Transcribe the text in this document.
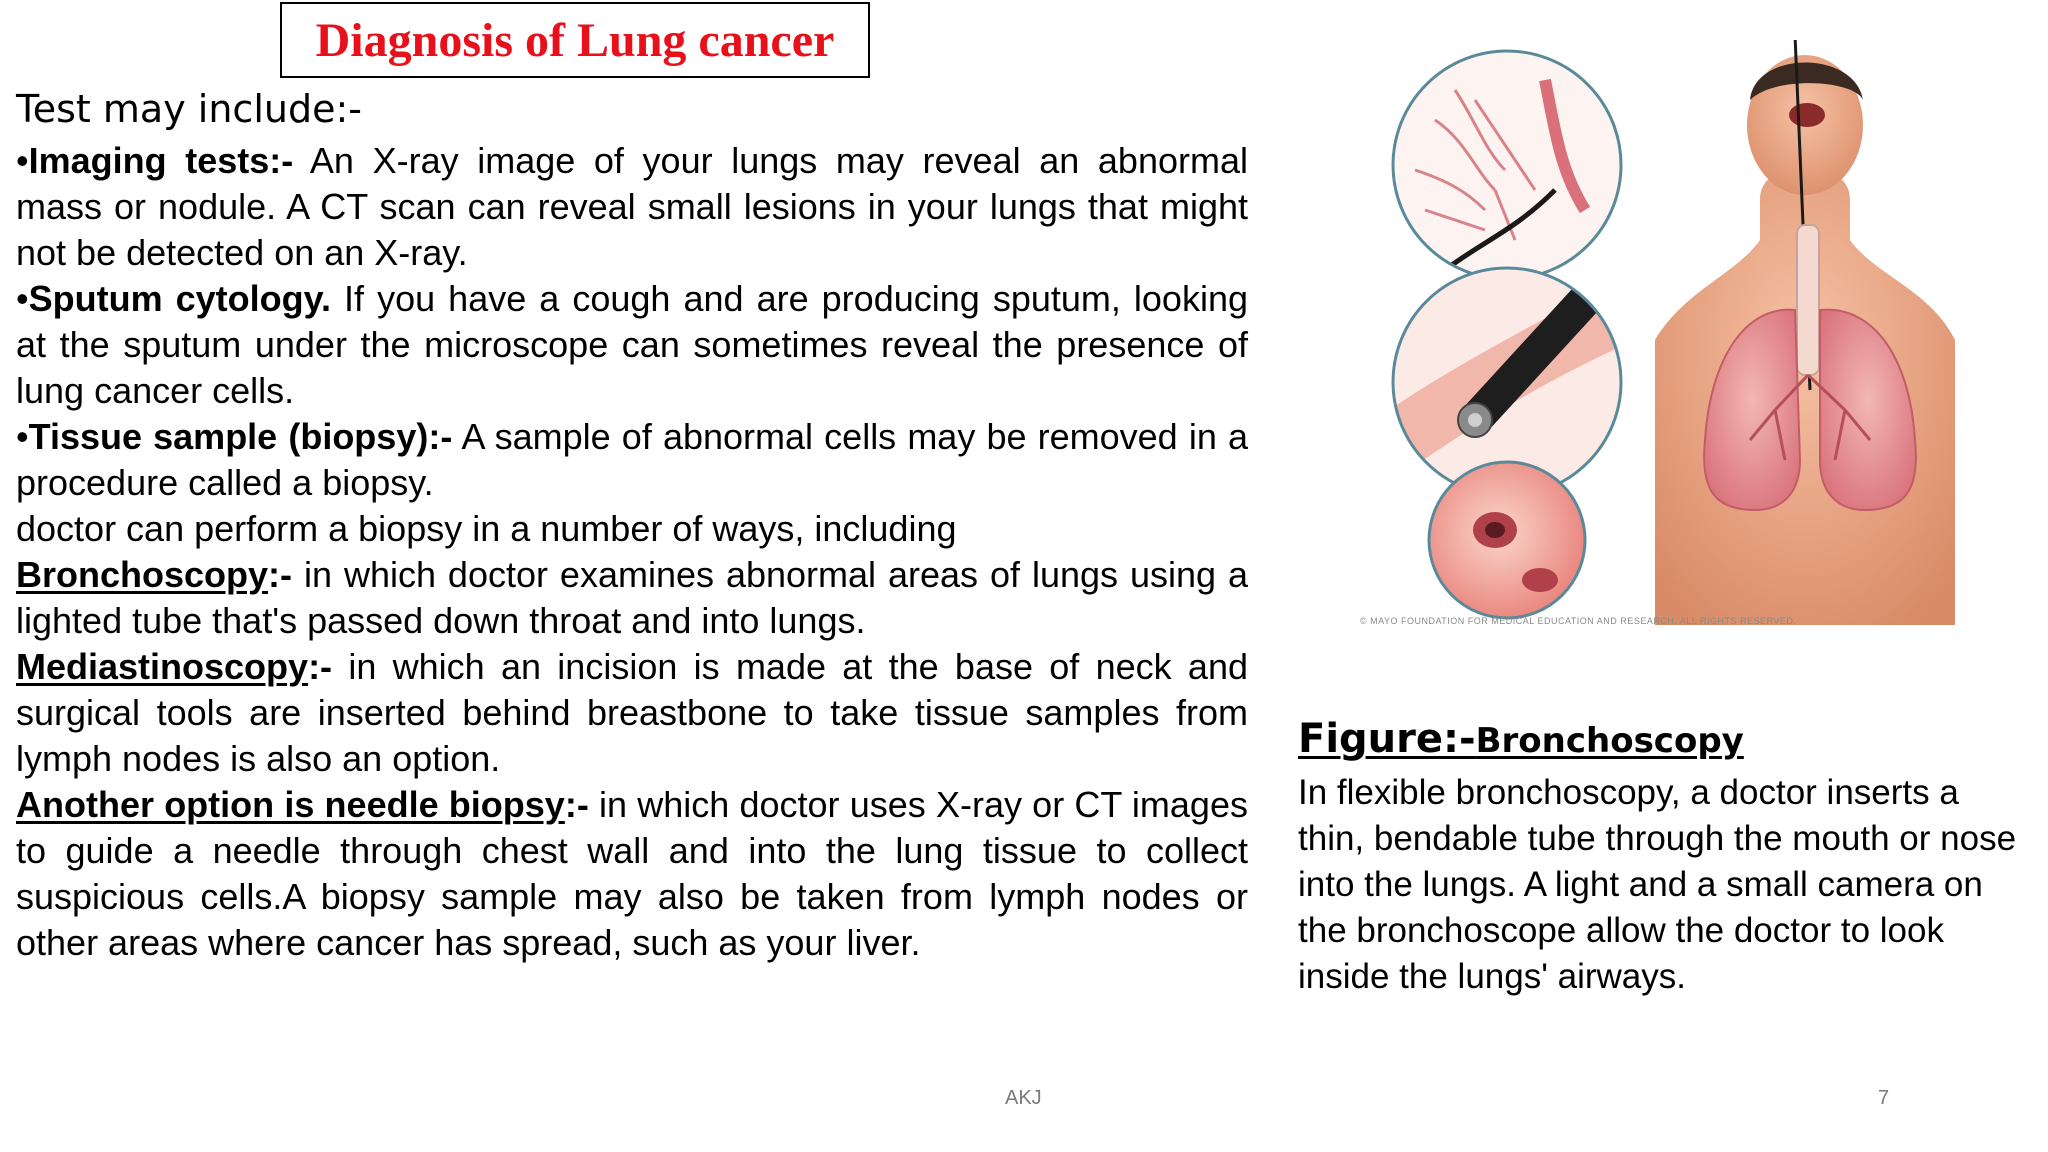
Diagnosis of Lung cancer
Test may include:-

•Imaging tests:- An X-ray image of your lungs may reveal an abnormal mass or nodule. A CT scan can reveal small lesions in your lungs that might not be detected on an X-ray.

•Sputum cytology. If you have a cough and are producing sputum, looking at the sputum under the microscope can sometimes reveal the presence of lung cancer cells.

•Tissue sample (biopsy):- A sample of abnormal cells may be removed in a procedure called a biopsy.

doctor can perform a biopsy in a number of ways, including

Bronchoscopy:- in which doctor examines abnormal areas of lungs using a lighted tube that's passed down throat and into lungs.

Mediastinoscopy:- in which an incision is made at the base of neck and surgical tools are inserted behind breastbone to take tissue samples from lymph nodes is also an option.

Another option is needle biopsy:- in which doctor uses X-ray or CT images to guide a needle through chest wall and into the lung tissue to collect suspicious cells.A biopsy sample may also be taken from lymph nodes or other areas where cancer has spread, such as your liver.

© MAYO FOUNDATION FOR MEDICAL EDUCATION AND RESEARCH. ALL RIGHTS RESERVED.
Figure:-Bronchoscopy
In flexible bronchoscopy, a doctor inserts a thin, bendable tube through the mouth or nose into the lungs. A light and a small camera on the bronchoscope allow the doctor to look inside the lungs' airways.
AKJ	7
